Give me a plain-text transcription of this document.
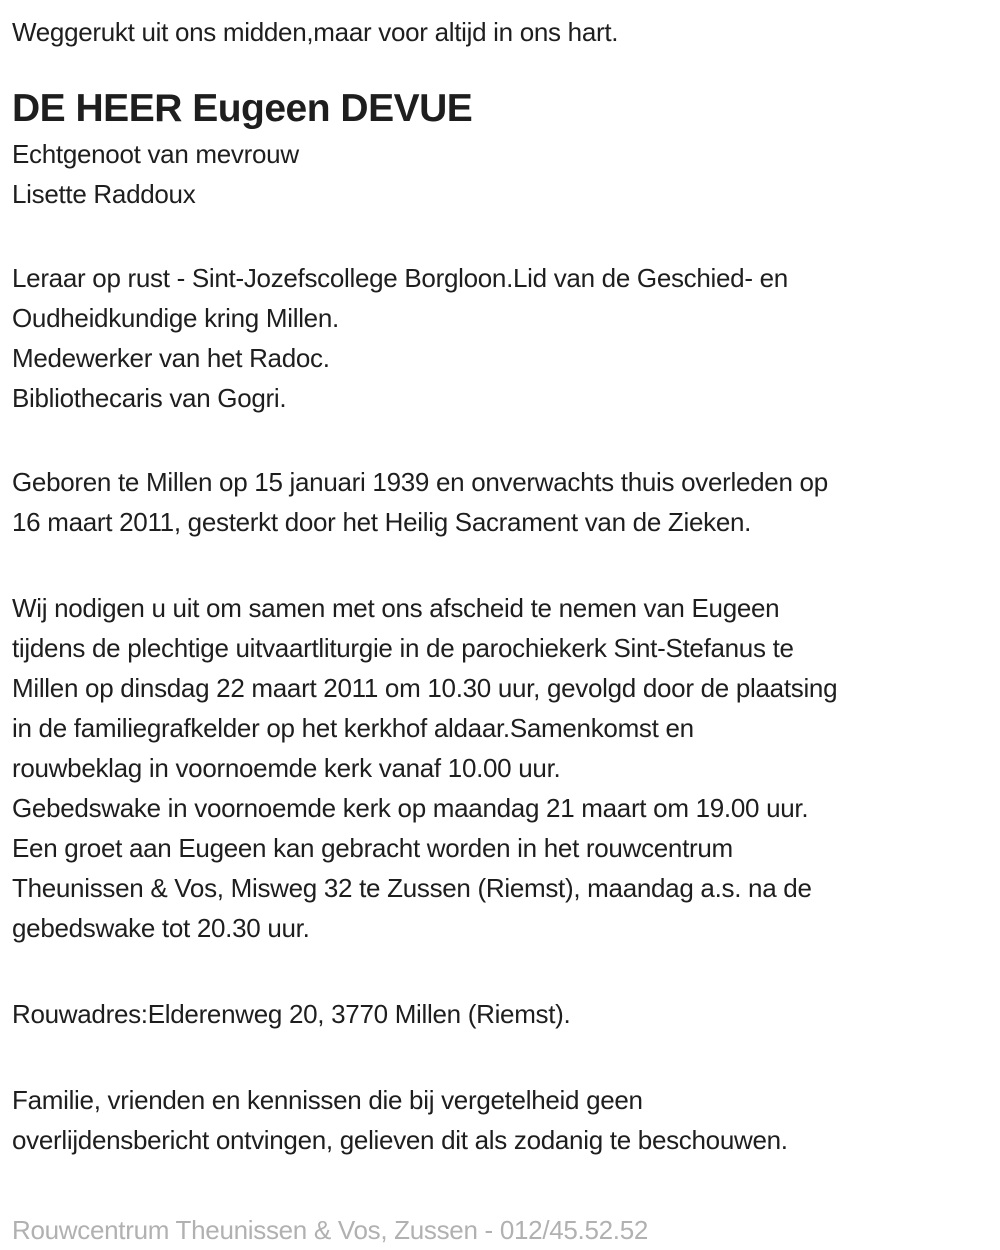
Weggerukt uit ons midden,maar voor altijd in ons hart.
DE HEER Eugeen DEVUE
Echtgenoot van mevrouw
Lisette Raddoux
Leraar op rust - Sint-Jozefscollege Borgloon.Lid van de Geschied- en
Oudheidkundige kring Millen.
Medewerker van het Radoc.
Bibliothecaris van Gogri.
Geboren te Millen op 15 januari 1939 en onverwachts thuis overleden op
16 maart 2011, gesterkt door het Heilig Sacrament van de Zieken.
Wij nodigen u uit om samen met ons afscheid te nemen van Eugeen
tijdens de plechtige uitvaartliturgie in de parochiekerk Sint-Stefanus te
Millen op dinsdag 22 maart 2011 om 10.30 uur, gevolgd door de plaatsing
in de familiegrafkelder op het kerkhof aldaar.Samenkomst en
rouwbeklag in voornoemde kerk vanaf 10.00 uur.
Gebedswake in voornoemde kerk op maandag 21 maart om 19.00 uur.
Een groet aan Eugeen kan gebracht worden in het rouwcentrum
Theunissen & Vos, Misweg 32 te Zussen (Riemst), maandag a.s. na de
gebedswake tot 20.30 uur.
Rouwadres:Elderenweg 20, 3770 Millen (Riemst).
Familie, vrienden en kennissen die bij vergetelheid geen
overlijdensbericht ontvingen, gelieven dit als zodanig te beschouwen.
Rouwcentrum Theunissen & Vos, Zussen - 012/45.52.52
